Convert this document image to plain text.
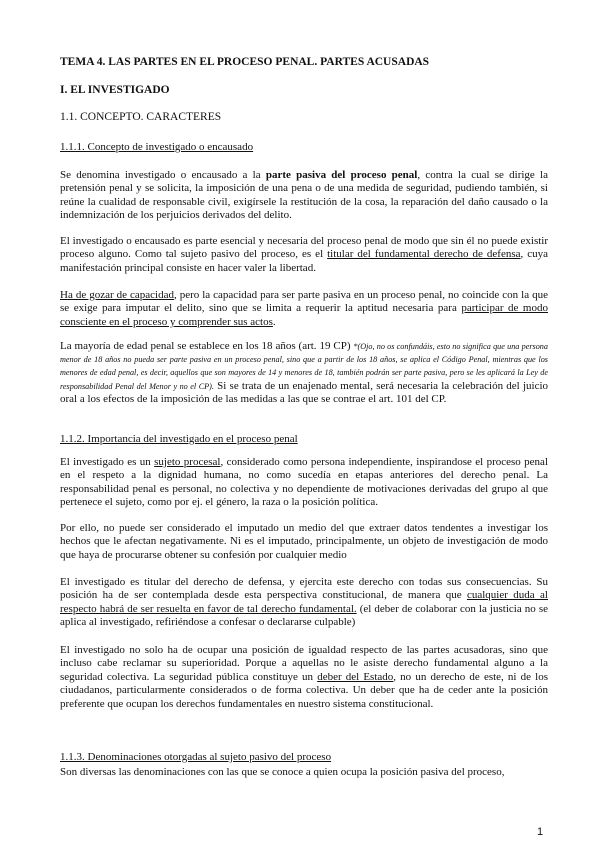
TEMA 4. LAS PARTES EN EL PROCESO PENAL. PARTES ACUSADAS
I. EL INVESTIGADO
1.1. CONCEPTO. CARACTERES
1.1.1. Concepto de investigado o encausado
Se denomina investigado o encausado a la parte pasiva del proceso penal, contra la cual se dirige la pretensión penal y se solicita, la imposición de una pena o de una medida de seguridad, pudiendo también, si reúne la cualidad de responsable civil, exigírsele la restitución de la cosa, la reparación del daño causado o la indemnización de los perjuicios derivados del delito.
El investigado o encausado es parte esencial y necesaria del proceso penal de modo que sin él no puede existir proceso alguno. Como tal sujeto pasivo del proceso, es el titular del fundamental derecho de defensa, cuya manifestación principal consiste en hacer valer la libertad.
Ha de gozar de capacidad, pero la capacidad para ser parte pasiva en un proceso penal, no coincide con la que se exige para imputar el delito, sino que se limita a requerir la aptitud necesaria para participar de modo consciente en el proceso y comprender sus actos.
La mayoría de edad penal se establece en los 18 años (art. 19 CP) *(Ojo, no os confundáis, esto no significa que una persona menor de 18 años no pueda ser parte pasiva en un proceso penal, sino que a partir de los 18 años, se aplica el Código Penal, mientras que los menores de edad penal, es decir, aquellos que son mayores de 14 y menores de 18, también podrán ser parte pasiva, pero se les aplicará la Ley de responsabilidad Penal del Menor y no el CP). Si se trata de un enajenado mental, será necesaria la celebración del juicio oral a los efectos de la imposición de las medidas a las que se contrae el art. 101 del CP.
1.1.2. Importancia del investigado en el proceso penal
El investigado es un sujeto procesal, considerado como persona independiente, inspirandose el proceso penal en el respeto a la dignidad humana, no como sucedía en etapas anteriores del derecho penal. La responsabilidad penal es personal, no colectiva y no dependiente de motivaciones derivadas del grupo al que pertenece el sujeto, como por ej. el género, la raza o la posición política.
Por ello, no puede ser considerado el imputado un medio del que extraer datos tendentes a investigar los hechos que le afectan negativamente. Ni es el imputado, principalmente, un objeto de investigación de modo que haya de procurarse obtener su confesión por cualquier medio
El investigado es titular del derecho de defensa, y ejercita este derecho con todas sus consecuencias. Su posición ha de ser contemplada desde esta perspectiva constitucional, de manera que cualquier duda al respecto habrá de ser resuelta en favor de tal derecho fundamental. (el deber de colaborar con la justicia no se aplica al investigado, refiriéndose a confesar o declararse culpable)
El investigado no solo ha de ocupar una posición de igualdad respecto de las partes acusadoras, sino que incluso cabe reclamar su superioridad. Porque a aquellas no le asiste derecho fundamental alguno a la seguridad colectiva. La seguridad pública constituye un deber del Estado, no un derecho de este, ni de los ciudadanos, particularmente considerados o de forma colectiva. Un deber que ha de ceder ante la posición preferente que ocupan los derechos fundamentales en nuestro sistema constitucional.
1.1.3. Denominaciones otorgadas al sujeto pasivo del proceso
Son diversas las denominaciones con las que se conoce a quien ocupa la posición pasiva del proceso,
1
